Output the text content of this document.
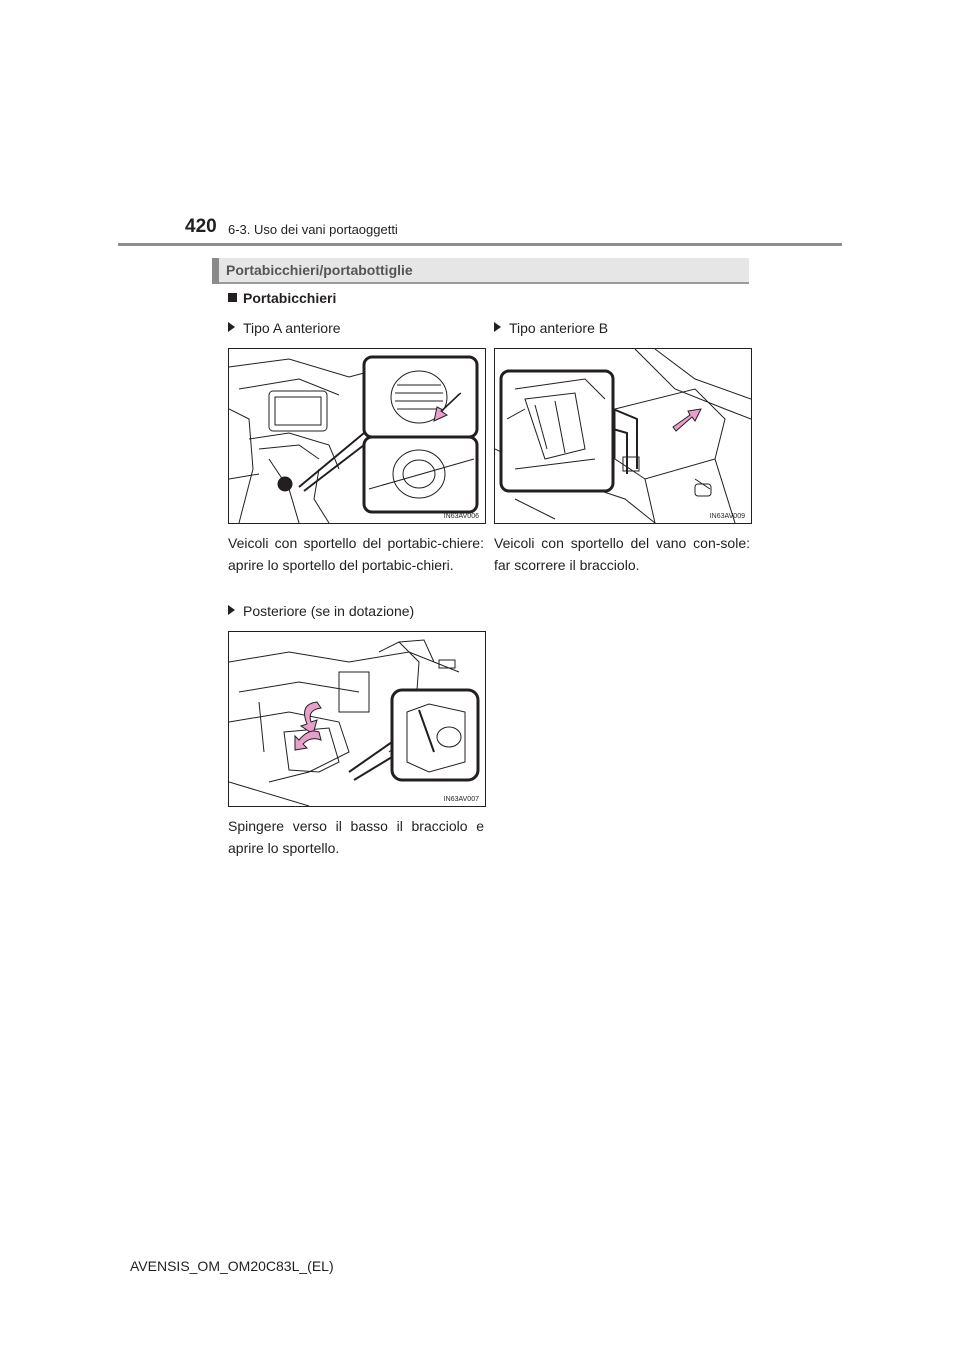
420 6-3. Uso dei vani portaoggetti
Portabicchieri/portabottiglie
Portabicchieri
Tipo A anteriore
IN63AV006
Veicoli con sportello del portabic-chiere: aprire lo sportello del portabic-chieri.
Tipo anteriore B
IN63AV009
Veicoli con sportello del vano con-sole: far scorrere il bracciolo.
Posteriore (se in dotazione)
IN63AV007
Spingere verso il basso il bracciolo e aprire lo sportello.
AVENSIS_OM_OM20C83L_(EL)
